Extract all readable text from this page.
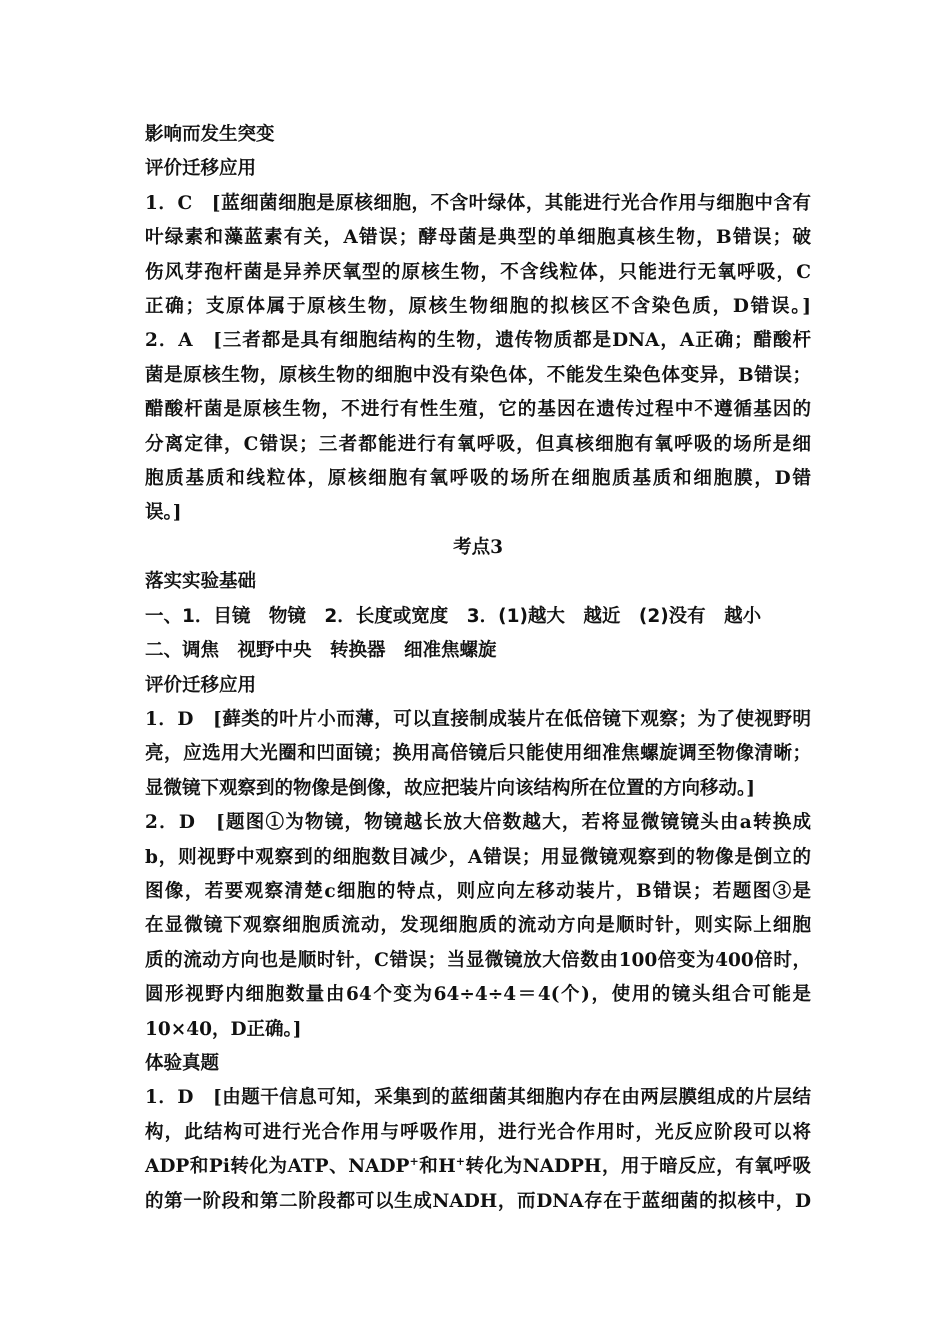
影响而发生突变
评价迁移应用
1．C　[蓝细菌细胞是原核细胞，不含叶绿体，其能进行光合作用与细胞中含有
叶绿素和藻蓝素有关，A错误；酵母菌是典型的单细胞真核生物，B错误；破
伤风芽孢杆菌是异养厌氧型的原核生物，不含线粒体，只能进行无氧呼吸，C
正确；支原体属于原核生物，原核生物细胞的拟核区不含染色质，D错误。]
2．A　[三者都是具有细胞结构的生物，遗传物质都是DNA，A正确；醋酸杆
菌是原核生物，原核生物的细胞中没有染色体，不能发生染色体变异，B错误；
醋酸杆菌是原核生物，不进行有性生殖，它的基因在遗传过程中不遵循基因的
分离定律，C错误；三者都能进行有氧呼吸，但真核细胞有氧呼吸的场所是细
胞质基质和线粒体，原核细胞有氧呼吸的场所在细胞质基质和细胞膜，D错
误。]
考点3
落实实验基础
一、1．目镜　物镜　2．长度或宽度　3．(1)越大　越近　(2)没有　越小
二、调焦　视野中央　转换器　细准焦螺旋
评价迁移应用
1．D　[藓类的叶片小而薄，可以直接制成装片在低倍镜下观察；为了使视野明
亮，应选用大光圈和凹面镜；换用高倍镜后只能使用细准焦螺旋调至物像清晰；
显微镜下观察到的物像是倒像，故应把装片向该结构所在位置的方向移动。]
2．D　[题图①为物镜，物镜越长放大倍数越大，若将显微镜镜头由a转换成
b，则视野中观察到的细胞数目减少，A错误；用显微镜观察到的物像是倒立的
图像，若要观察清楚c细胞的特点，则应向左移动装片，B错误；若题图③是
在显微镜下观察细胞质流动，发现细胞质的流动方向是顺时针，则实际上细胞
质的流动方向也是顺时针，C错误；当显微镜放大倍数由100倍变为400倍时，
圆形视野内细胞数量由64个变为64÷4÷4＝4(个)，使用的镜头组合可能是
10×40，D正确。]
体验真题
1．D　[由题干信息可知，采集到的蓝细菌其细胞内存在由两层膜组成的片层结
构，此结构可进行光合作用与呼吸作用，进行光合作用时，光反应阶段可以将
ADP和Pi转化为ATP、NADP+和H+转化为NADPH，用于暗反应，有氧呼吸
的第一阶段和第二阶段都可以生成NADH，而DNA存在于蓝细菌的拟核中，D
